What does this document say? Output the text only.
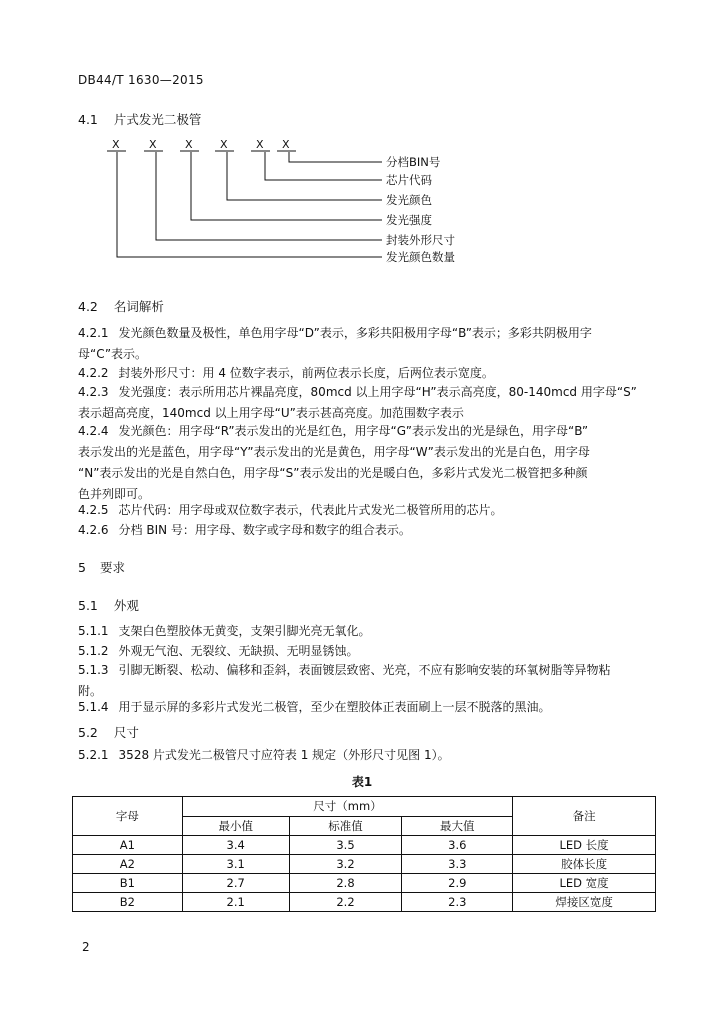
DB44/T 1630—2015
4.1 片式发光二极管
X	X	X X	X X
分档BIN号
芯片代码
发光颜色
发光强度
封装外形尺寸
发光颜色数量
4.2 名词解析
4.2.1 发光颜色数量及极性，单色用字母“D”表示，多彩共阳极用字母“B”表示；多彩共阴极用字
母“C”表示。
4.2.2 封装外形尺寸：用 4 位数字表示，前两位表示长度，后两位表示宽度。
4.2.3 发光强度：表示所用芯片裸晶亮度，80mcd 以上用字母“H”表示高亮度，80-140mcd 用字母“S”
表示超高亮度，140mcd 以上用字母“U”表示甚高亮度。加范围数字表示
4.2.4 发光颜色：用字母“R”表示发出的光是红色，用字母“G”表示发出的光是绿色，用字母“B”
表示发出的光是蓝色，用字母“Y”表示发出的光是黄色，用字母“W”表示发出的光是白色，用字母
“N”表示发出的光是自然白色，用字母“S”表示发出的光是暖白色，多彩片式发光二极管把多种颜
色并列即可。
4.2.5 芯片代码：用字母或双位数字表示，代表此片式发光二极管所用的芯片。
4.2.6 分档 BIN 号：用字母、数字或字母和数字的组合表示。
5 要求
5.1 外观
5.1.1 支架白色塑胶体无黄变，支架引脚光亮无氧化。
5.1.2 外观无气泡、无裂纹、无缺损、无明显锈蚀。
5.1.3 引脚无断裂、松动、偏移和歪斜，表面镀层致密、光亮，不应有影响安装的环氧树脂等异物粘
附。
5.1.4 用于显示屏的多彩片式发光二极管，至少在塑胶体正表面刷上一层不脱落的黑油。
5.2 尺寸
5.2.1 3528 片式发光二极管尺寸应符表 1 规定（外形尺寸见图 1）。
表1
字母	尺寸（mm）			备注
	最小值	标准值	最大值	
A1	3.4	3.5	3.6	LED 长度
A2	3.1	3.2	3.3	胶体长度
B1	2.7	2.8	2.9	LED 宽度
B2	2.1	2.2	2.3	焊接区宽度
2
